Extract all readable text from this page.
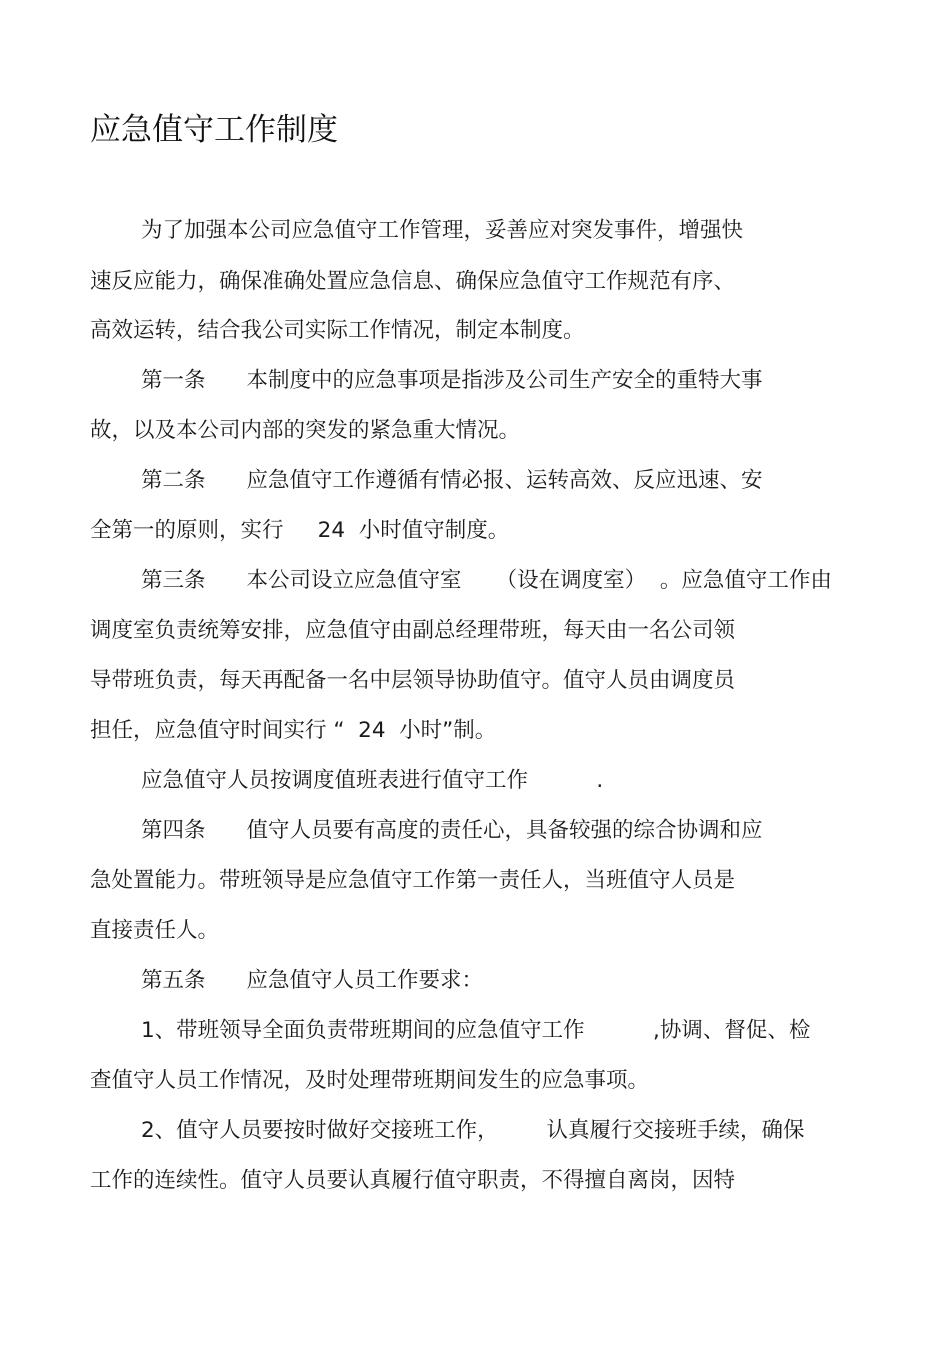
应急值守工作制度
为了加强本公司应急值守工作管理，妥善应对突发事件，增强快
速反应能力，确保准确处置应急信息、确保应急值守工作规范有序、
高效运转，结合我公司实际工作情况，制定本制度。
第一条      本制度中的应急事项是指涉及公司生产安全的重特大事
故，以及本公司内部的突发的紧急重大情况。
第二条      应急值守工作遵循有情必报、运转高效、反应迅速、安
全第一的原则，实行     24  小时值守制度。
第三条      本公司设立应急值守室     （设在调度室）  。应急值守工作由
调度室负责统筹安排，应急值守由副总经理带班，每天由一名公司领
导带班负责，每天再配备一名中层领导协助值守。值守人员由调度员
担任，应急值守时间实行 “  24  小时”制。
应急值守人员按调度值班表进行值守工作          .
第四条      值守人员要有高度的责任心，具备较强的综合协调和应
急处置能力。带班领导是应急值守工作第一责任人，当班值守人员是
直接责任人。
第五条      应急值守人员工作要求：
1、带班领导全面负责带班期间的应急值守工作          ,协调、督促、检
查值守人员工作情况，及时处理带班期间发生的应急事项。
2、值守人员要按时做好交接班工作，       认真履行交接班手续，确保
工作的连续性。值守人员要认真履行值守职责，不得擅自离岗，因特
